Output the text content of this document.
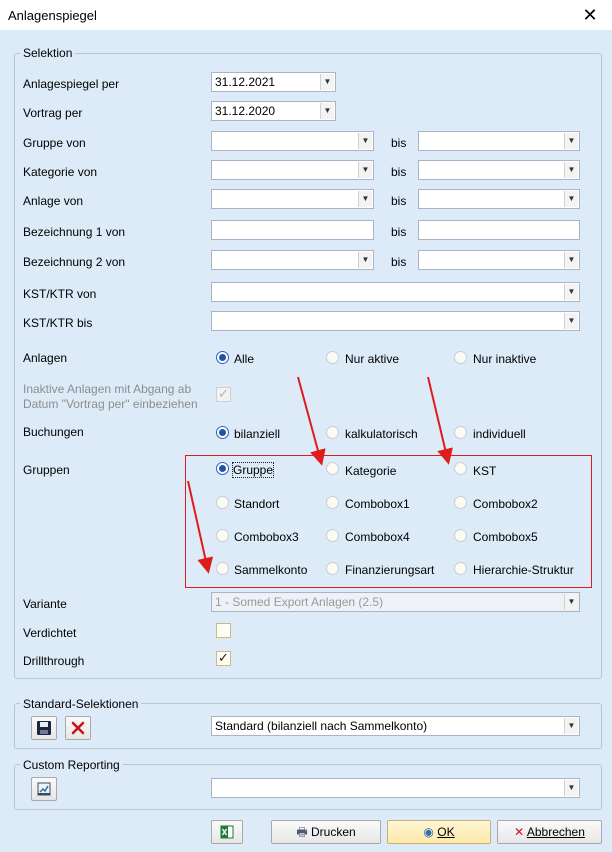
Anlagenspiegel	✕
Selektion
Anlagespiegel per	31.12.2021	▼
Vortrag per	31.12.2020	▼
Gruppe von	▼ bis	▼
Kategorie von	▼ bis	▼
Anlage von	▼ bis	▼
Bezeichnung 1 von	bis
Bezeichnung 2 von	▼ bis	▼
KST/KTR von	▼
KST/KTR bis	▼
Anlagen	Alle	Nur aktive	Nur inaktive
Inaktive Anlagen mit Abgang ab
Datum "Vortrag per" einbeziehen
✓
Buchungen	bilanziell	kalkulatorisch	individuell
Gruppen	Gruppe	Kategorie	KST
Standort	Combobox1	Combobox2
Combobox3	Combobox4	Combobox5
Sammelkonto	Finanzierungsart	Hierarchie-Struktur
Variante	1 - Somed Export Anlagen (2.5)	▼
Verdichtet
Drillthrough	✓
Standard-Selektionen
Standard (bilanziell nach Sammelkonto)	▼
Custom Reporting
▼
🖶 Drucken	◉ OK	✕ Abbrechen
